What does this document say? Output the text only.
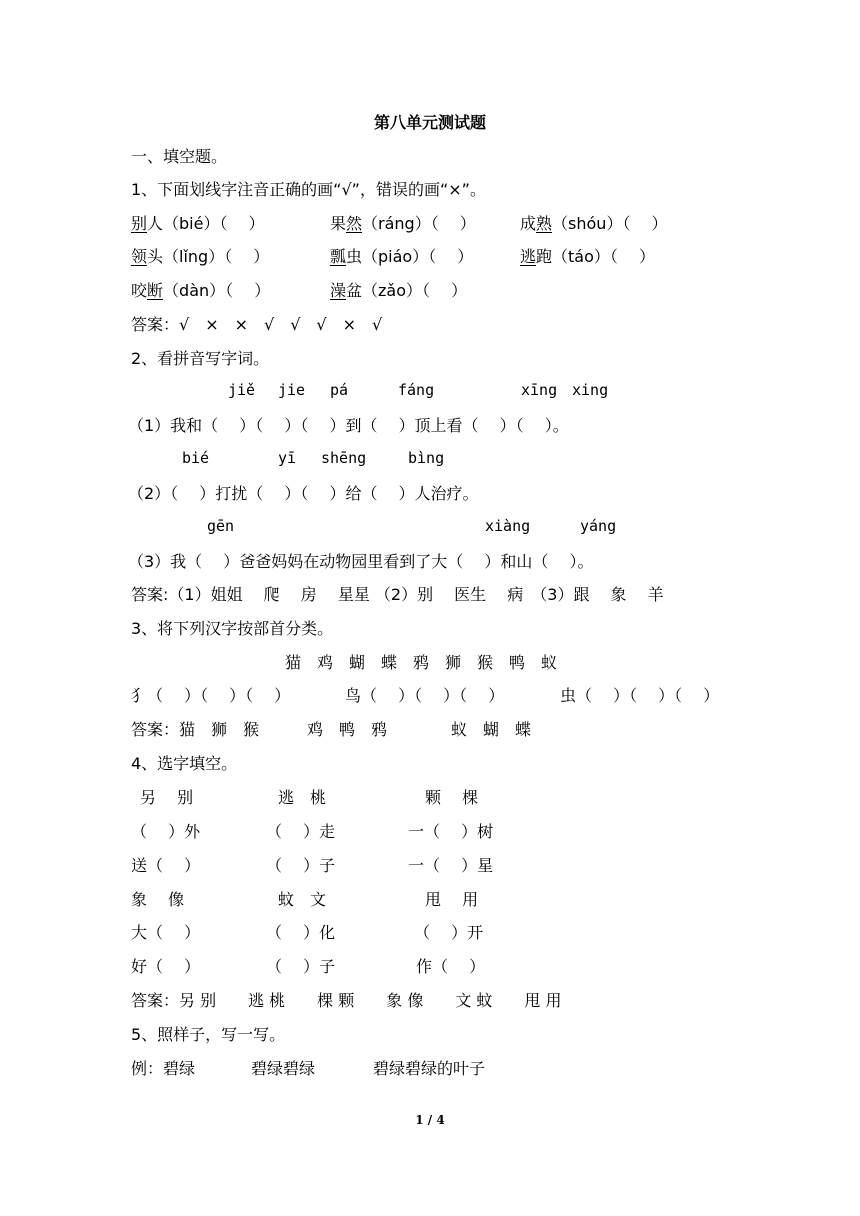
第八单元测试题
一、填空题。
1、下面划线字注音正确的画“√”，错误的画“×”。
别人（bié）（　 ）	果然（ráng）（　 ）	成熟（shóu）（　 ）
领头（lǐng）（　 ）	瓢虫（piáo）（　 ）	逃跑（táo）（　 ）
咬断（dàn）（　 ）	澡盆（zǎo）（　 ）
答案：√　×　×　√　√　√　×　√
2、看拼音写字词。
jiě jie pá	fáng	xīng xing
（1）我和（　 ）（　 ）（　 ）到（　 ）顶上看（　 ）（　 ）。
bié	yī shēng	bìng
（2）（　 ）打扰（　 ）（　 ）给（　 ）人治疗。
gēn	xiàng	yáng
（3）我（　 ）爸爸妈妈在动物园里看到了大（　 ）和山（　 ）。
答案:（1）姐姐　 爬　 房　 星星 （2）别　 医生　 病　（3）跟　 象　 羊
3、将下列汉字按部首分类。
猫　鸡　蝴　蝶　鸦　狮　猴　鸭　蚁
犭（　 ）（　 ）（　 ）	鸟（　 ）（　 ）（　 ）	虫（　 ）（　 ）（　 ）
答案：猫　狮　猴　　　鸡　鸭　鸦　　　　蚁　蝴　蝶
4、选字填空。
另　 别	逃　桃	颗　 棵
（　 ）外	（　 ）走	一（　 ）树
送（　 ）	（　 ）子	一（　 ）星
象　 像	蚊　文	甩　 用
大（　 ）	（　 ）化	（　 ）开
好（　 ）	（　 ）子	作（　 ）
答案：另 别　　逃 桃　　棵 颗　　象 像　　文 蚊　　甩 用
5、照样子，写一写。
例：碧绿	碧绿碧绿	碧绿碧绿的叶子
1 / 4
